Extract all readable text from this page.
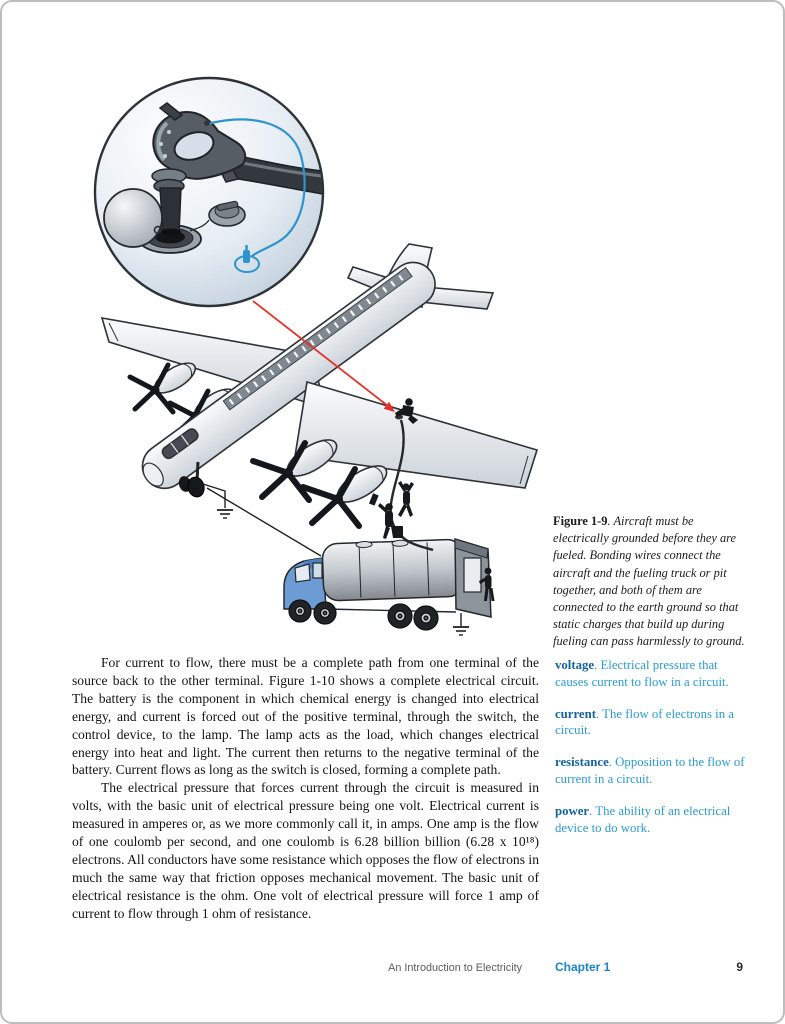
Figure 1-9. Aircraft must be electrically grounded before they are fueled. Bonding wires connect the aircraft and the fueling truck or pit together, and both of them are connected to the earth ground so that static charges that build up during fueling can pass harmlessly to ground.

For current to flow, there must be a complete path from one terminal of the source back to the other terminal. Figure 1-10 shows a complete electrical circuit. The battery is the component in which chemical energy is changed into electrical energy, and current is forced out of the positive terminal, through the switch, the control device, to the lamp. The lamp acts as the load, which changes electrical energy into heat and light. The current then returns to the negative terminal of the battery. Current flows as long as the switch is closed, forming a complete path.

The electrical pressure that forces current through the circuit is measured in volts, with the basic unit of electrical pressure being one volt. Electrical current is measured in amperes or, as we more commonly call it, in amps. One amp is the flow of one coulomb per second, and one coulomb is 6.28 billion billion (6.28 x 10¹⁸) electrons. All conductors have some resistance which opposes the flow of electrons in much the same way that friction opposes mechanical movement. The basic unit of electrical resistance is the ohm. One volt of electrical pressure will force 1 amp of current to flow through 1 ohm of resistance.

voltage. Electrical pressure that causes current to flow in a circuit.
current. The flow of electrons in a circuit.
resistance. Opposition to the flow of current in a circuit.
power. The ability of an electrical device to do work.
An Introduction to Electricity	Chapter 1	9
